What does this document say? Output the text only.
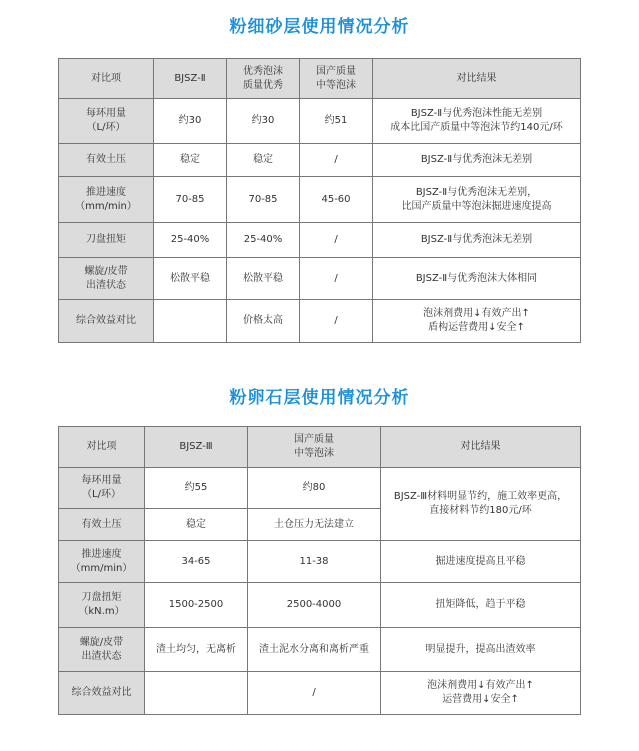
粉细砂层使用情况分析
对比项	BJSZ-Ⅱ	优秀泡沫
质量优秀	国产质量
中等泡沫	对比结果
每环用量
（L/环）	约30	约30	约51	BJSZ-Ⅱ与优秀泡沫性能无差别
成本比国产质量中等泡沫节约140元/环
有效土压	稳定	稳定	/	BJSZ-Ⅱ与优秀泡沫无差别
推进速度
（mm/min）	70-85	70-85	45-60	BJSZ-Ⅱ与优秀泡沫无差别，
比国产质量中等泡沫掘进速度提高
刀盘扭矩	25-40%	25-40%	/	BJSZ-Ⅱ与优秀泡沫无差别
螺旋/皮带
出渣状态	松散平稳	松散平稳	/	BJSZ-Ⅱ与优秀泡沫大体相同
综合效益对比		价格太高	/	泡沫剂费用↓有效产出↑
盾构运营费用↓安全↑
粉卵石层使用情况分析
对比项	BJSZ-Ⅲ	国产质量
中等泡沫	对比结果
每环用量
（L/环）	约55	约80	BJSZ-Ⅲ材料明显节约，施工效率更高，
直接材料节约180元/环
有效土压	稳定	土仓压力无法建立	
推进速度
（mm/min）	34-65	11-38	掘进速度提高且平稳
刀盘扭矩
（kN.m）	1500-2500	2500-4000	扭矩降低，趋于平稳
螺旋/皮带
出渣状态	渣土均匀，无离析	渣土泥水分离和离析严重	明显提升，提高出渣效率
综合效益对比		/	泡沫剂费用↓有效产出↑
运营费用↓安全↑
